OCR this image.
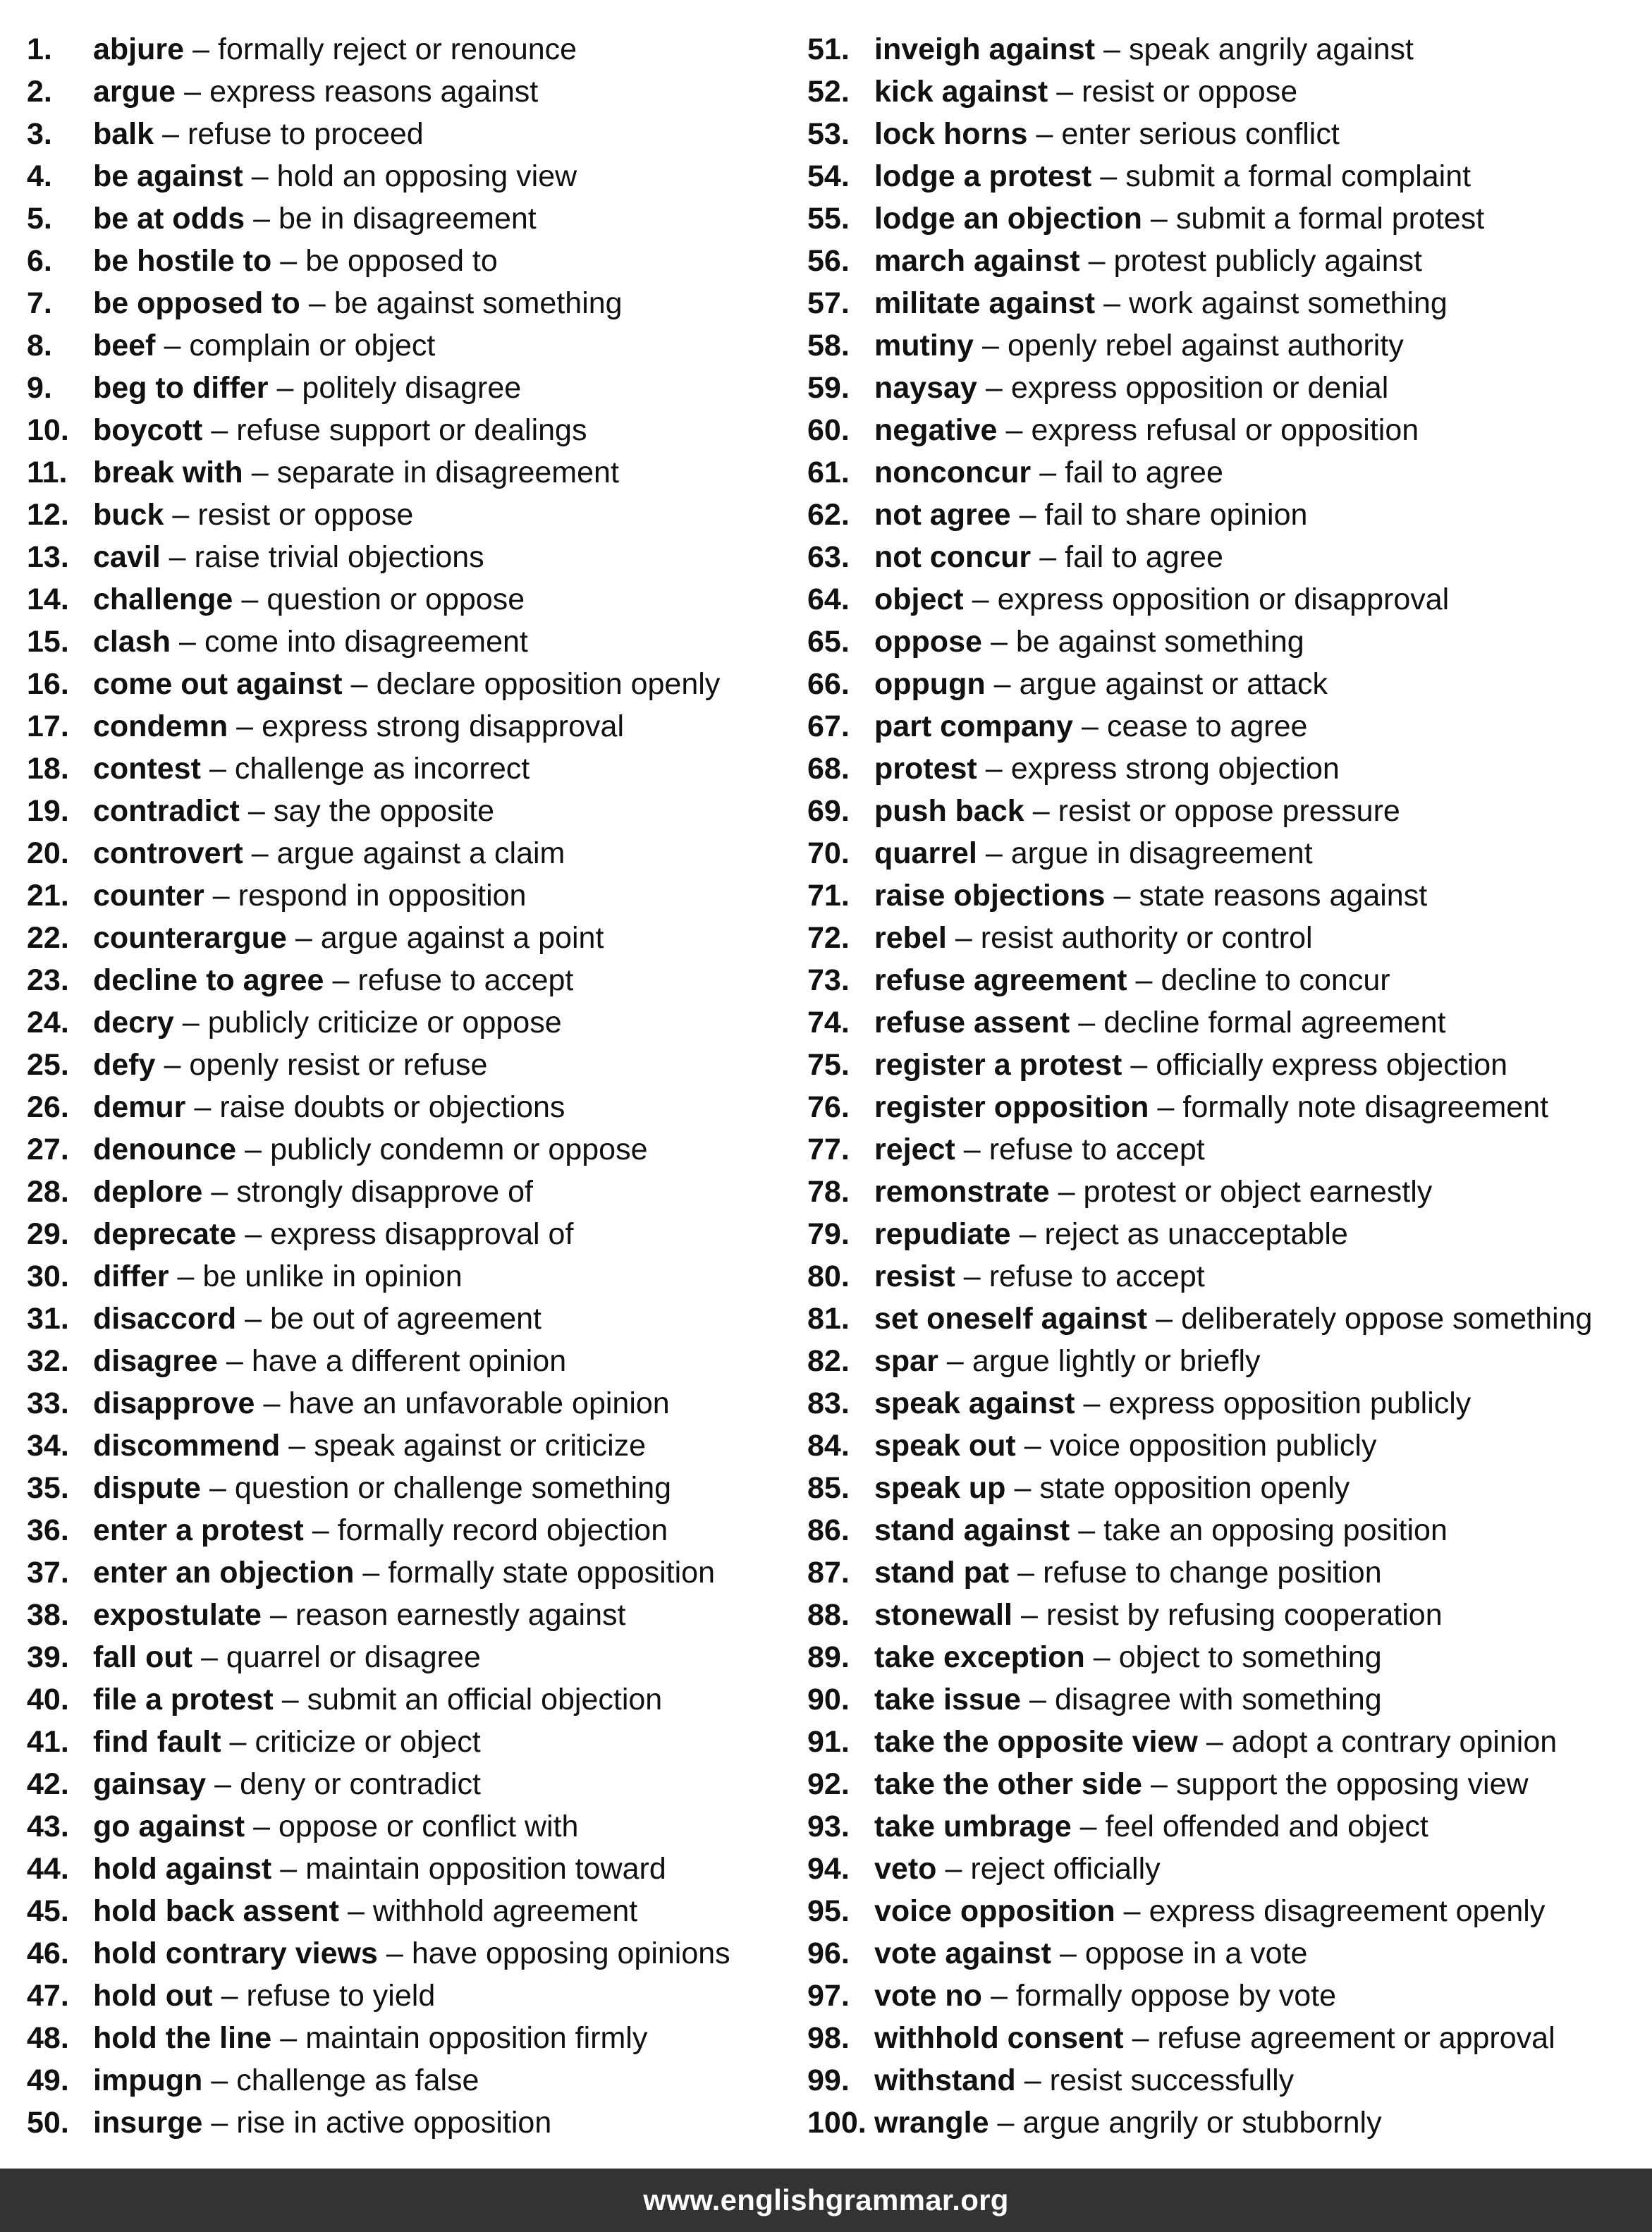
1.	abjure – formally reject or renounce
2.	argue – express reasons against
3.	balk – refuse to proceed
4.	be against – hold an opposing view
5.	be at odds – be in disagreement
6.	be hostile to – be opposed to
7.	be opposed to – be against something
8.	beef – complain or object
9.	beg to differ – politely disagree
10. boycott – refuse support or dealings
11. break with – separate in disagreement
12. buck – resist or oppose
13. cavil – raise trivial objections
14. challenge – question or oppose
15. clash – come into disagreement
16. come out against – declare opposition openly
17. condemn – express strong disapproval
18. contest – challenge as incorrect
19. contradict – say the opposite
20. controvert – argue against a claim
21. counter – respond in opposition
22. counterargue – argue against a point
23. decline to agree – refuse to accept
24. decry – publicly criticize or oppose
25. defy – openly resist or refuse
26. demur – raise doubts or objections
27. denounce – publicly condemn or oppose
28. deplore – strongly disapprove of
29. deprecate – express disapproval of
30. differ – be unlike in opinion
31. disaccord – be out of agreement
32. disagree – have a different opinion
33. disapprove – have an unfavorable opinion
34. discommend – speak against or criticize
35. dispute – question or challenge something
36. enter a protest – formally record objection
37. enter an objection – formally state opposition
38. expostulate – reason earnestly against
39. fall out – quarrel or disagree
40. file a protest – submit an official objection
41. find fault – criticize or object
42. gainsay – deny or contradict
43. go against – oppose or conflict with
44. hold against – maintain opposition toward
45. hold back assent – withhold agreement
46. hold contrary views – have opposing opinions
47. hold out – refuse to yield
48. hold the line – maintain opposition firmly
49. impugn – challenge as false
50. insurge – rise in active opposition
51. inveigh against – speak angrily against
52. kick against – resist or oppose
53. lock horns – enter serious conflict
54. lodge a protest – submit a formal complaint
55. lodge an objection – submit a formal protest
56. march against – protest publicly against
57. militate against – work against something
58. mutiny – openly rebel against authority
59. naysay – express opposition or denial
60. negative – express refusal or opposition
61. nonconcur – fail to agree
62. not agree – fail to share opinion
63. not concur – fail to agree
64. object – express opposition or disapproval
65. oppose – be against something
66. oppugn – argue against or attack
67. part company – cease to agree
68. protest – express strong objection
69. push back – resist or oppose pressure
70. quarrel – argue in disagreement
71. raise objections – state reasons against
72. rebel – resist authority or control
73. refuse agreement – decline to concur
74. refuse assent – decline formal agreement
75. register a protest – officially express objection
76. register opposition – formally note disagreement
77. reject – refuse to accept
78. remonstrate – protest or object earnestly
79. repudiate – reject as unacceptable
80. resist – refuse to accept
81. set oneself against – deliberately oppose something
82. spar – argue lightly or briefly
83. speak against – express opposition publicly
84. speak out – voice opposition publicly
85. speak up – state opposition openly
86. stand against – take an opposing position
87. stand pat – refuse to change position
88. stonewall – resist by refusing cooperation
89. take exception – object to something
90. take issue – disagree with something
91. take the opposite view – adopt a contrary opinion
92. take the other side – support the opposing view
93. take umbrage – feel offended and object
94. veto – reject officially
95. voice opposition – express disagreement openly
96. vote against – oppose in a vote
97. vote no – formally oppose by vote
98. withhold consent – refuse agreement or approval
99. withstand – resist successfully
100. wrangle – argue angrily or stubbornly
www.englishgrammar.org
